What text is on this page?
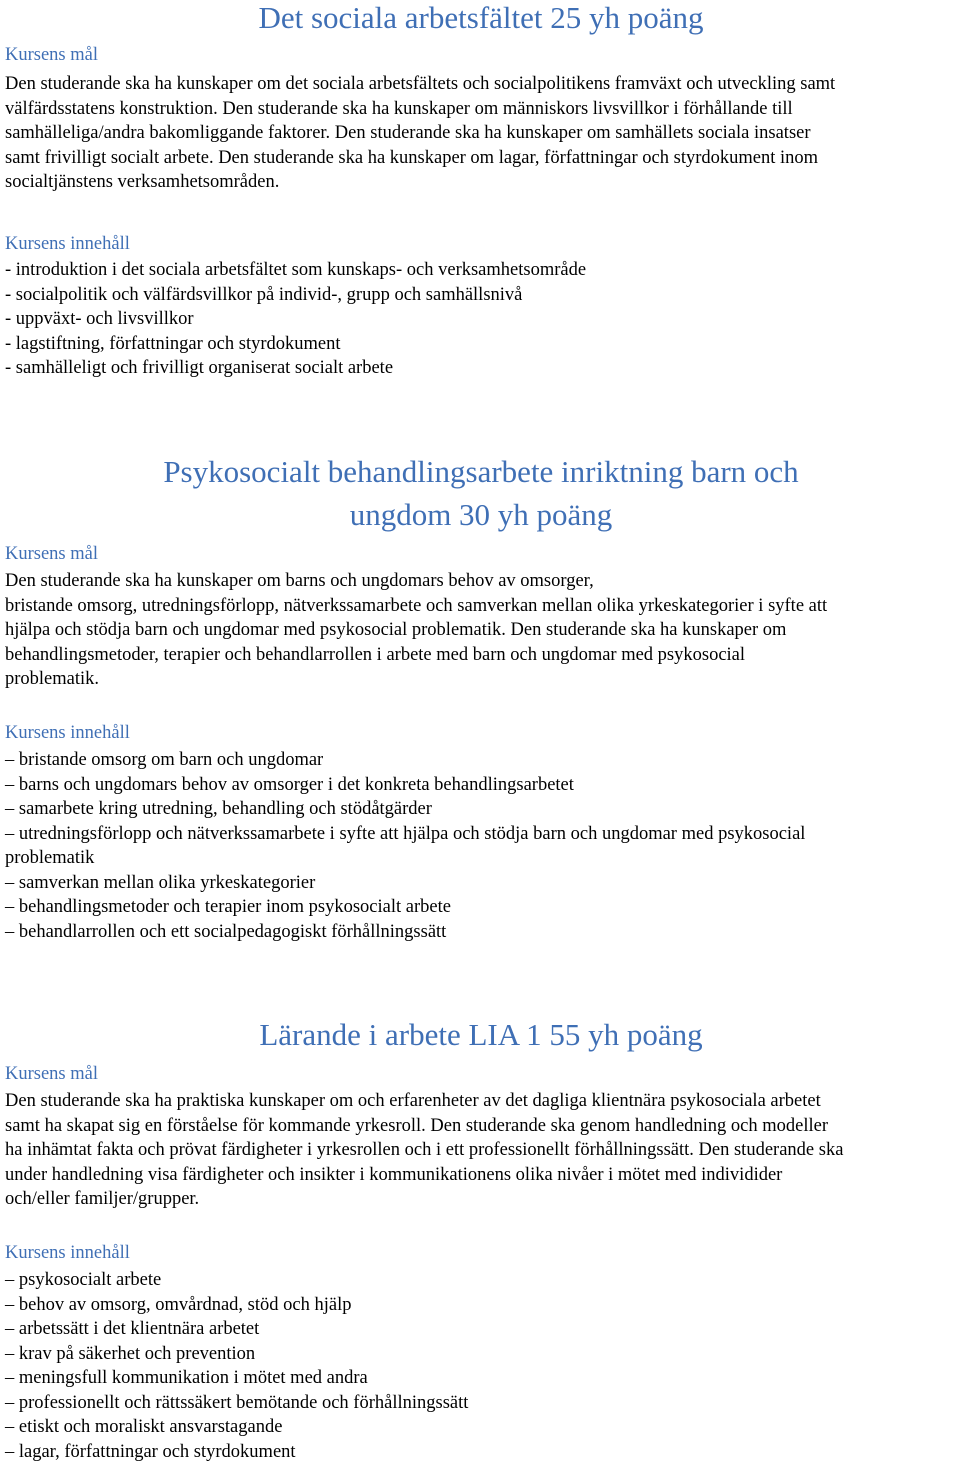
Det sociala arbetsfältet 25 yh poäng
Kursens mål
Den studerande ska ha kunskaper om det sociala arbetsfältets och socialpolitikens framväxt och utveckling samt
välfärdsstatens konstruktion. Den studerande ska ha kunskaper om människors livsvillkor i förhållande till
samhälleliga/andra bakomliggande faktorer. Den studerande ska ha kunskaper om samhällets sociala insatser
samt frivilligt socialt arbete. Den studerande ska ha kunskaper om lagar, författningar och styrdokument inom
socialtjänstens verksamhetsområden.
Kursens innehåll
- introduktion i det sociala arbetsfältet som kunskaps- och verksamhetsområde
- socialpolitik och välfärdsvillkor på individ-, grupp och samhällsnivå
- uppväxt- och livsvillkor
- lagstiftning, författningar och styrdokument
- samhälleligt och frivilligt organiserat socialt arbete
Psykosocialt behandlingsarbete inriktning barn och
ungdom 30 yh poäng
Kursens mål
Den studerande ska ha kunskaper om barns och ungdomars behov av omsorger,
bristande omsorg, utredningsförlopp, nätverkssamarbete och samverkan mellan olika yrkeskategorier i syfte att
hjälpa och stödja barn och ungdomar med psykosocial problematik. Den studerande ska ha kunskaper om
behandlingsmetoder, terapier och behandlarrollen i arbete med barn och ungdomar med psykosocial
problematik.
Kursens innehåll
– bristande omsorg om barn och ungdomar
– barns och ungdomars behov av omsorger i det konkreta behandlingsarbetet
– samarbete kring utredning, behandling och stödåtgärder
– utredningsförlopp och nätverkssamarbete i syfte att hjälpa och stödja barn och ungdomar med psykosocial
problematik
– samverkan mellan olika yrkeskategorier
– behandlingsmetoder och terapier inom psykosocialt arbete
– behandlarrollen och ett socialpedagogiskt förhållningssätt
Lärande i arbete LIA 1 55 yh poäng
Kursens mål
Den studerande ska ha praktiska kunskaper om och erfarenheter av det dagliga klientnära psykosociala arbetet
samt ha skapat sig en förståelse för kommande yrkesroll. Den studerande ska genom handledning och modeller
ha inhämtat fakta och prövat färdigheter i yrkesrollen och i ett professionellt förhållningssätt. Den studerande ska
under handledning visa färdigheter och insikter i kommunikationens olika nivåer i mötet med individider
och/eller familjer/grupper.
Kursens innehåll
– psykosocialt arbete
– behov av omsorg, omvårdnad, stöd och hjälp
– arbetssätt i det klientnära arbetet
– krav på säkerhet och prevention
– meningsfull kommunikation i mötet med andra
– professionellt och rättssäkert bemötande och förhållningssätt
– etiskt och moraliskt ansvarstagande
– lagar, författningar och styrdokument
